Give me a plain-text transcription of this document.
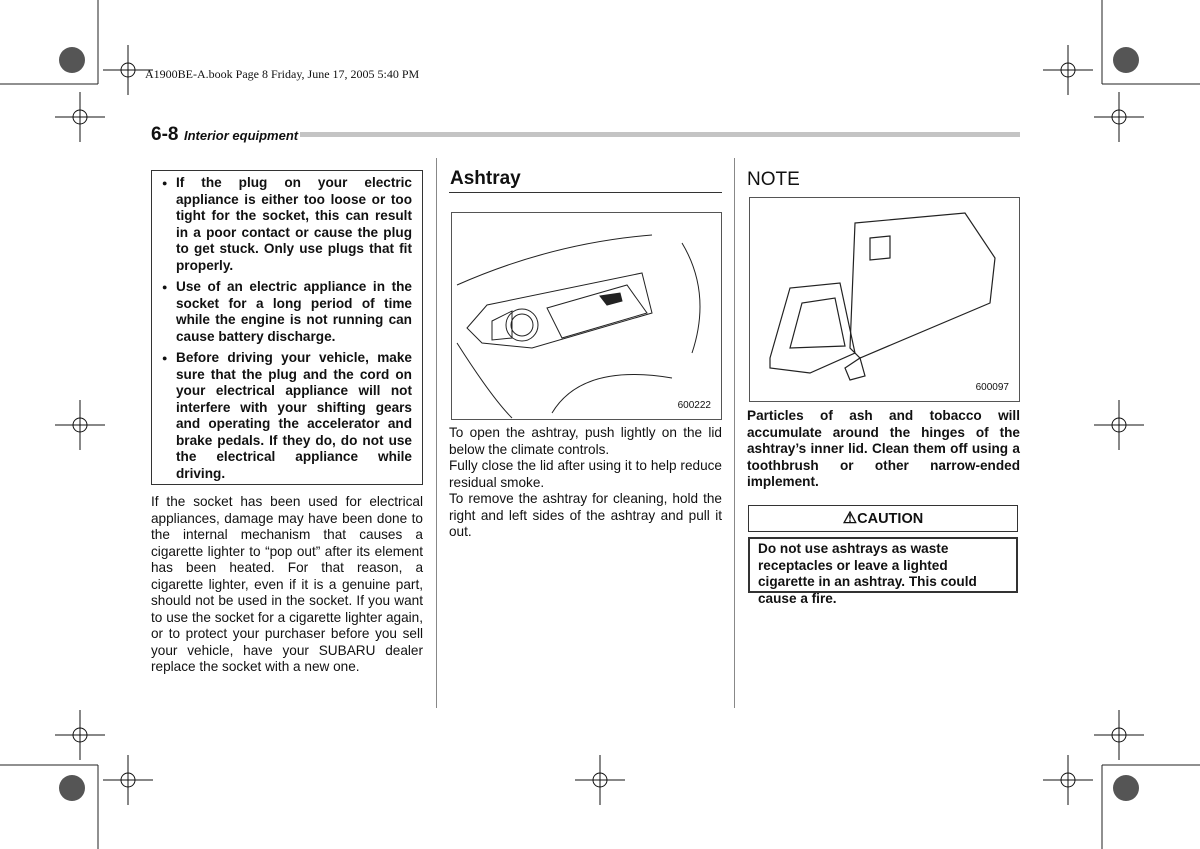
A1900BE-A.book Page 8 Friday, June 17, 2005 5:40 PM
6-8 Interior equipment
● If the plug on your electric appliance is either too loose or too tight for the socket, this can result in a poor contact or cause the plug to get stuck. Only use plugs that fit properly.
● Use of an electric appliance in the socket for a long period of time while the engine is not running can cause battery discharge.
● Before driving your vehicle, make sure that the plug and the cord on your electrical appliance will not interfere with your shifting gears and operating the accelerator and brake pedals. If they do, do not use the electrical appliance while driving.
If the socket has been used for electrical appliances, damage may have been done to the internal mechanism that causes a cigarette lighter to “pop out” after its element has been heated. For that reason, a cigarette lighter, even if it is a genuine part, should not be used in the socket. If you want to use the socket for a cigarette lighter again, or to protect your purchaser before you sell your vehicle, have your SUBARU dealer replace the socket with a new one.
Ashtray
600222
To open the ashtray, push lightly on the lid below the climate controls.
Fully close the lid after using it to help reduce residual smoke.
To remove the ashtray for cleaning, hold the right and left sides of the ashtray and pull it out.
NOTE
600097
Particles of ash and tobacco will accumulate around the hinges of the ashtray’s inner lid. Clean them off using a toothbrush or other narrow-ended implement.
⚠CAUTION
Do not use ashtrays as waste receptacles or leave a lighted cigarette in an ashtray. This could cause a fire.
